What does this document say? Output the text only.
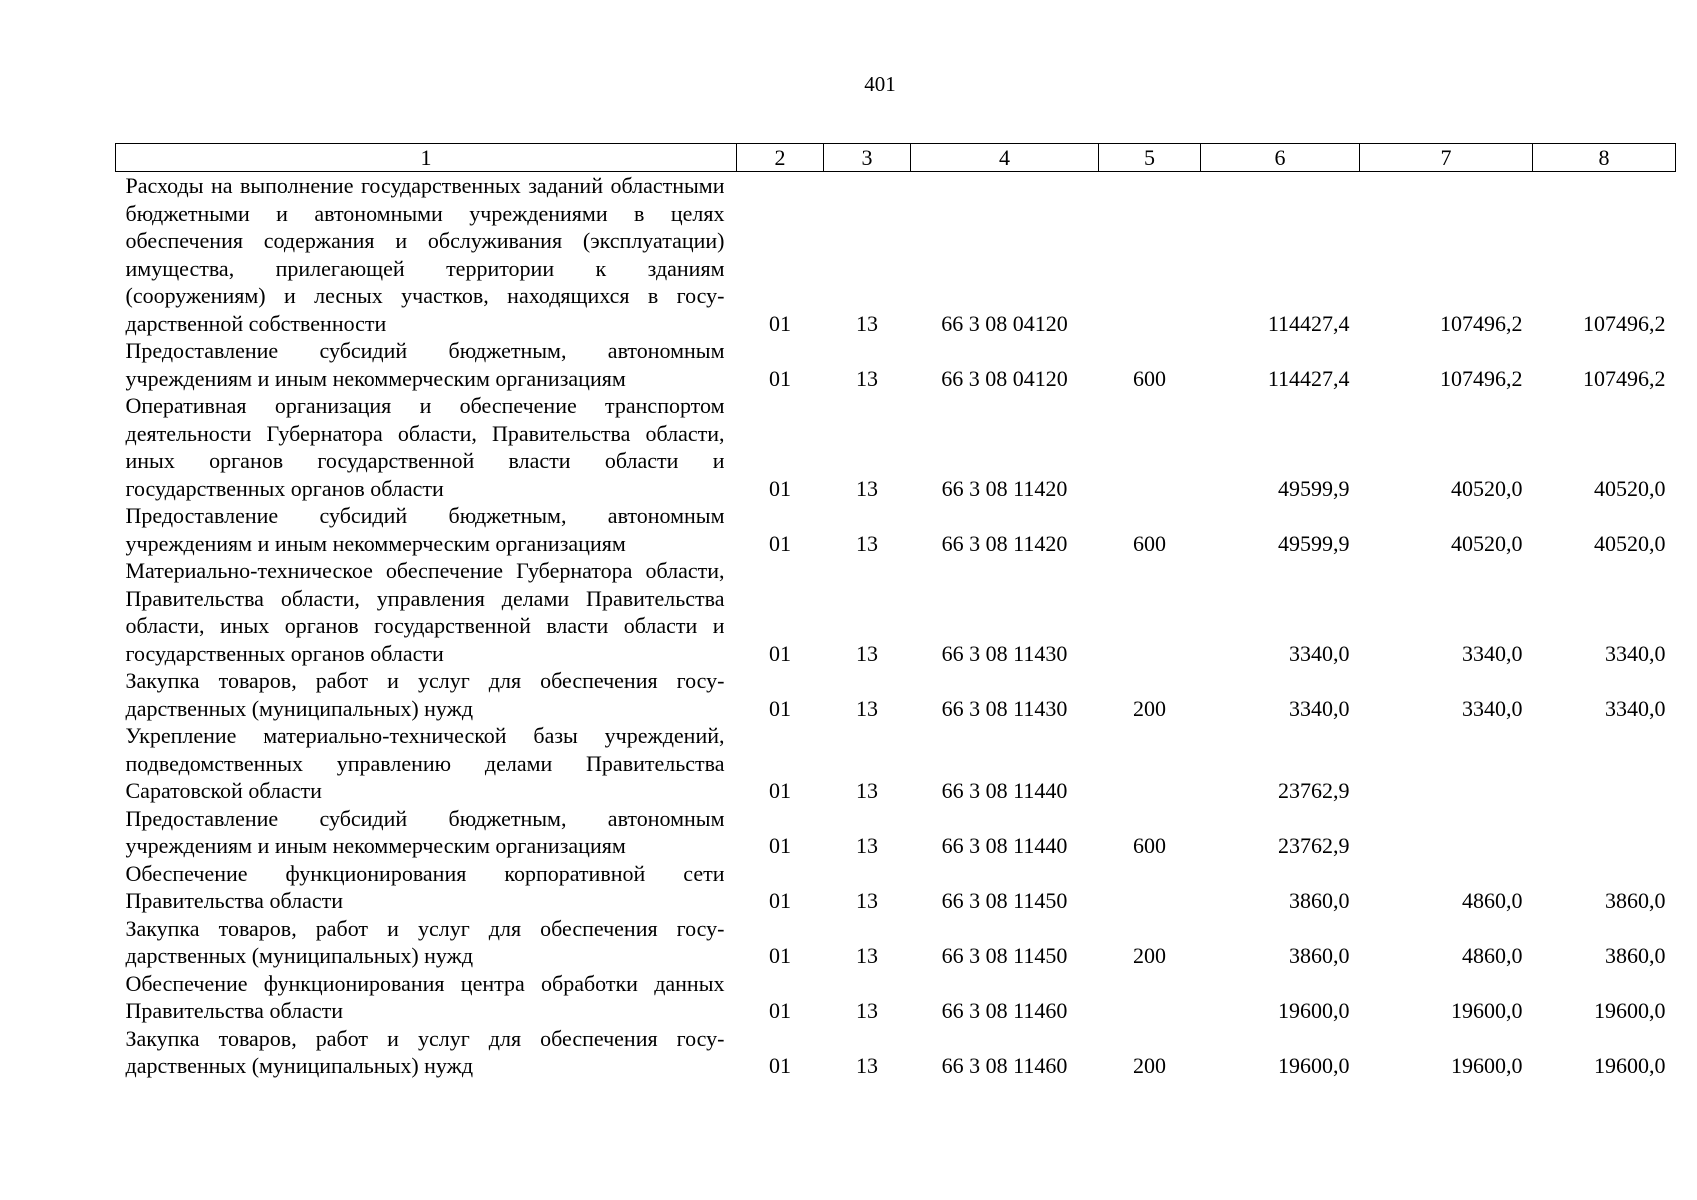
401
1	2	3	4	5	6	7	8
Расходы на выполнение государственных заданий областными бюджетными и автономными учреждениями в целях обеспечения содержания и обслуживания (эксплуатации) имущества, прилегающей территории к зданиям (сооружениям) и лесных участков, находящихся в государственной собственности	01	13	66 3 08 04120		114427,4	107496,2	107496,2
Предоставление субсидий бюджетным, автономным учреждениям и иным некоммерческим организациям	01	13	66 3 08 04120	600	114427,4	107496,2	107496,2
Оперативная организация и обеспечение транспортом деятельности Губернатора области, Правительства области, иных органов государственной власти области и государственных органов области	01	13	66 3 08 11420		49599,9	40520,0	40520,0
Предоставление субсидий бюджетным, автономным учреждениям и иным некоммерческим организациям	01	13	66 3 08 11420	600	49599,9	40520,0	40520,0
Материально-техническое обеспечение Губернатора области, Правительства области, управления делами Правительства области, иных органов государственной власти области и государственных органов области	01	13	66 3 08 11430		3340,0	3340,0	3340,0
Закупка товаров, работ и услуг для обеспечения государственных (муниципальных) нужд	01	13	66 3 08 11430	200	3340,0	3340,0	3340,0
Укрепление материально-технической базы учреждений, подведомственных управлению делами Правительства Саратовской области	01	13	66 3 08 11440		23762,9		
Предоставление субсидий бюджетным, автономным учреждениям и иным некоммерческим организациям	01	13	66 3 08 11440	600	23762,9		
Обеспечение функционирования корпоративной сети Правительства области	01	13	66 3 08 11450		3860,0	4860,0	3860,0
Закупка товаров, работ и услуг для обеспечения государственных (муниципальных) нужд	01	13	66 3 08 11450	200	3860,0	4860,0	3860,0
Обеспечение функционирования центра обработки данных Правительства области	01	13	66 3 08 11460		19600,0	19600,0	19600,0
Закупка товаров, работ и услуг для обеспечения государственных (муниципальных) нужд	01	13	66 3 08 11460	200	19600,0	19600,0	19600,0
